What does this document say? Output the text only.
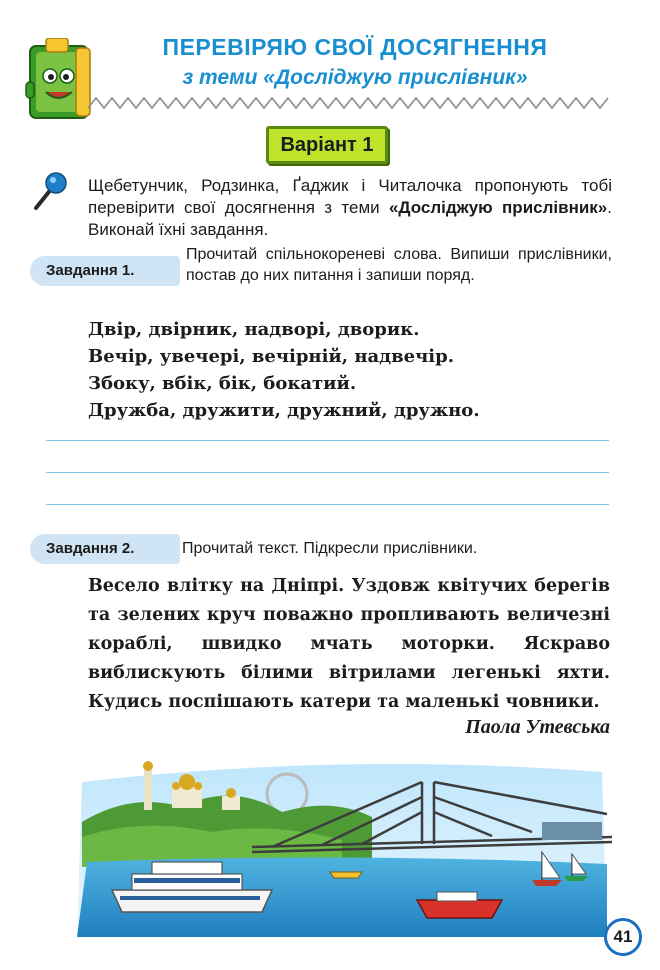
ПЕРЕВІРЯЮ СВОЇ ДОСЯГНЕННЯ
з теми «Досліджую прислівник»
Варіант 1
Щебетунчик, Родзинка, Ґаджик і Читалочка пропонують тобі перевірити свої досягнення з теми «Досліджую прислівник». Виконай їхні завдання.
Завдання 1.
Прочитай спільнокореневі слова. Випиши прислівники, постав до них питання і запиши поряд.
Двір, двірник, надворі, дворик.
Вечір, увечері, вечірній, надвечір.
Збоку, вбік, бік, бокатий.
Дружба, дружити, дружний, дружно.
Завдання 2.	Прочитай текст. Підкресли прислівники.
Весело влітку на Дніпрі. Уздовж квітучих берегів та зелених круч поважно пропливають величезні кораблі, швидко мчать моторки. Яскраво виблискують білими вітрилами легенькі яхти. Кудись поспішають катери та маленькі човники.
Паола Утевська
41
